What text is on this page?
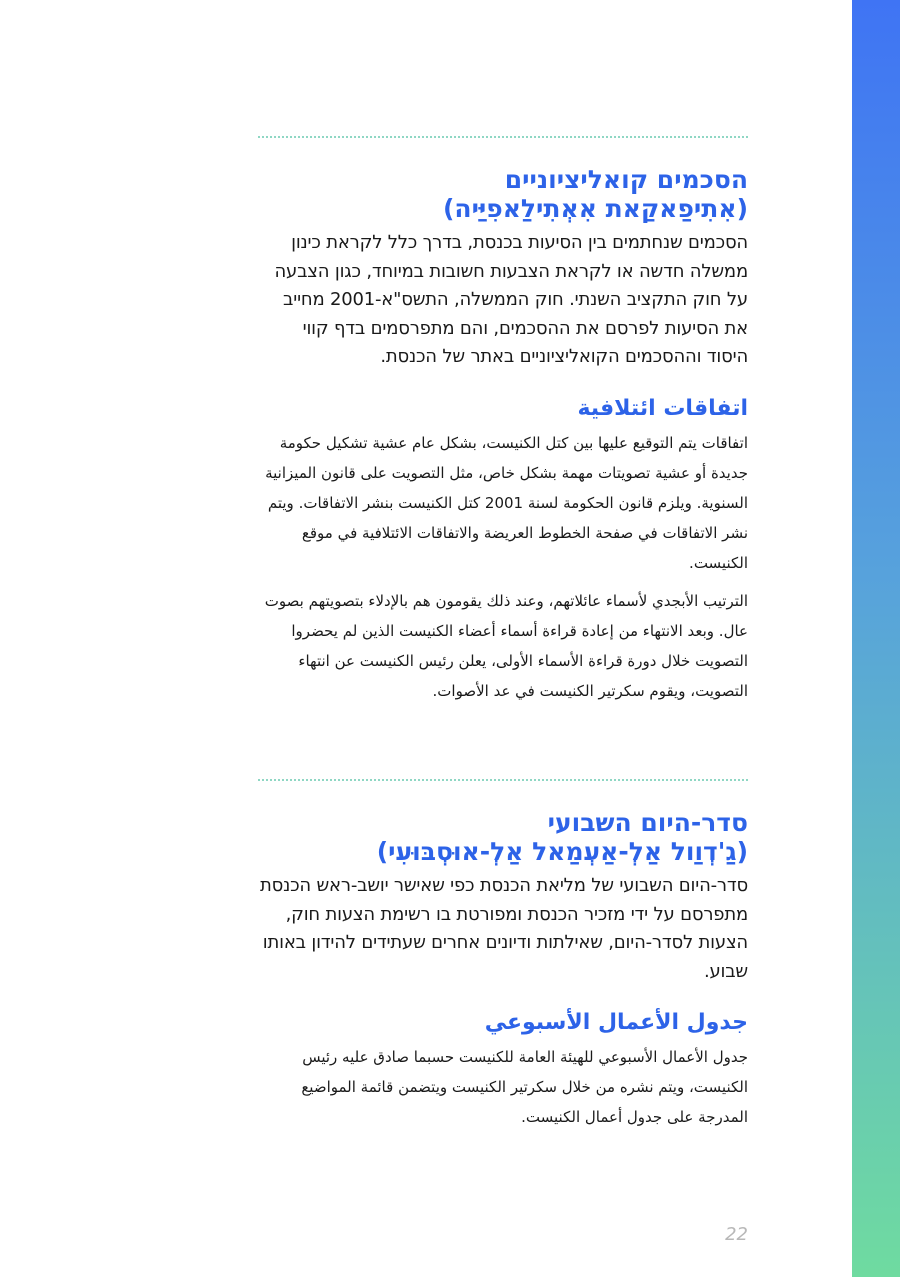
הסכמים קואליציוניים
(אִתִיפַאקַאת אִאְתִילַאפִיַּיה)

הסכמים שנחתמים בין הסיעות בכנסת, בדרך כלל לקראת כינון ממשלה חדשה או לקראת הצבעות חשובות במיוחד, כגון הצבעה על חוק התקציב השנתי. חוק הממשלה, התשס"א-2001 מחייב את הסיעות לפרסם את ההסכמים, והם מתפרסמים בדף קווי היסוד וההסכמים הקואליציוניים באתר של הכנסת.

اتفاقات ائتلافية

اتفاقات يتم التوقيع عليها بين كتل الكنيست، بشكل عام عشية تشكيل حكومة جديدة أو عشية تصويتات مهمة بشكل خاص، مثل التصويت على قانون الميزانية السنوية. ويلزم قانون الحكومة لسنة 2001 كتل الكنيست بنشر الاتفاقات. ويتم نشر الاتفاقات في صفحة الخطوط العريضة والاتفاقات الائتلافية في موقع الكنيست.

الترتيب الأبجدي لأسماء عائلاتهم، وعند ذلك يقومون هم بالإدلاء بتصويتهم بصوت عال. وبعد الانتهاء من إعادة قراءة أسماء أعضاء الكنيست الذين لم يحضروا التصويت خلال دورة قراءة الأسماء الأولى، يعلن رئيس الكنيست عن انتهاء التصويت، ويقوم سكرتير الكنيست في عد الأصوات.

סדר-היום השבועי
(גַ'דְוַול אַלְ-אַעְמַאל אַלְ-אוּסְבּוּעִי)

סדר-היום השבועי של מליאת הכנסת כפי שאישר יושב-ראש הכנסת מתפרסם על ידי מזכיר הכנסת ומפורטת בו רשימת הצעות חוק, הצעות לסדר-היום, שאילתות ודיונים אחרים שעתידים להידון באותו שבוע.

جدول الأعمال الأسبوعي

جدول الأعمال الأسبوعي للهيئة العامة للكنيست حسبما صادق عليه رئيس الكنيست، ويتم نشره من خلال سكرتير الكنيست ويتضمن قائمة المواضيع المدرجة على جدول أعمال الكنيست.

22
